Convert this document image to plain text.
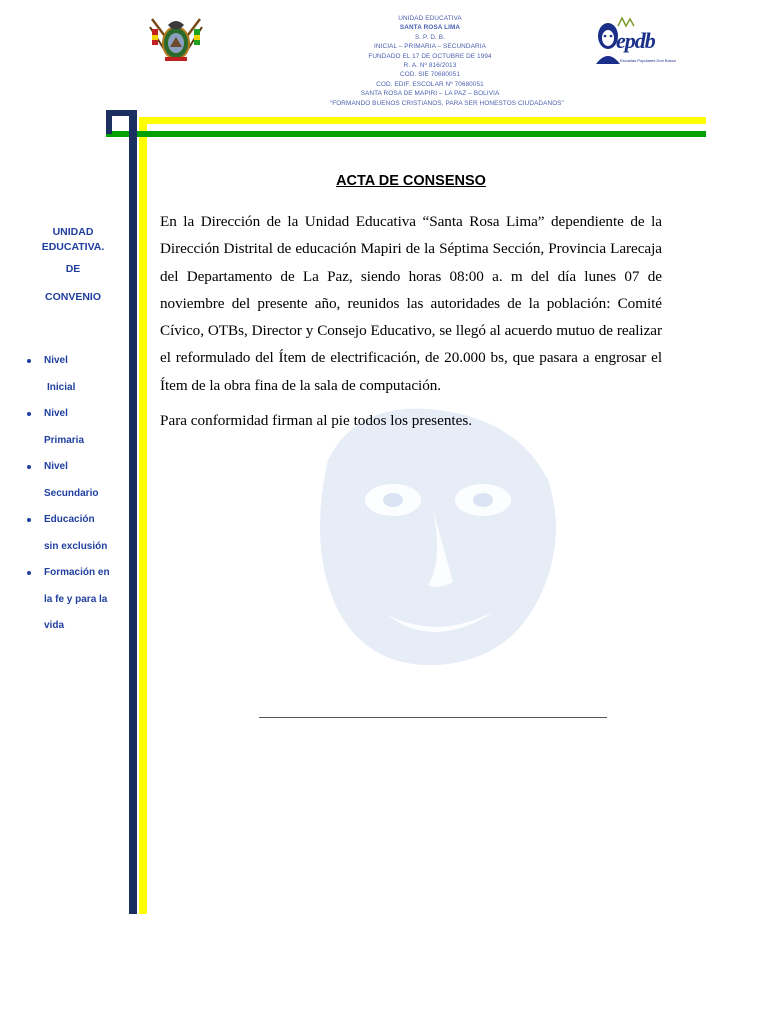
UNIDAD EDUCATIVA
SANTA ROSA LIMA
S. P. D. B.
INICIAL – PRIMARIA – SECUNDARIA
FUNDADO EL 17 DE OCTUBRE DE 1994
R. A. Nº 816/2013
COD. SIE 70680051
COD. EDIF. ESCOLAR Nº 70680051
SANTA ROSA DE MAPIRI – LA PAZ – BOLIVIA
“FORMANDO BUENOS CRISTIANOS, PARA SER HONESTOS CIUDADANOS”
epdb
Escuelas Populares Don Bosco
UNIDAD
EDUCATIVA.
DE
CONVENIO
Nivel
Inicial
Nivel
Primaria
Nivel
Secundario
Educación
sin exclusión
Formación en
la fe y para la
vida
ACTA DE CONSENSO
En la Dirección de la Unidad Educativa “Santa Rosa Lima” dependiente de la Dirección Distrital de educación Mapiri de la Séptima Sección, Provincia Larecaja del Departamento de La Paz, siendo horas 08:00 a. m del día lunes 07 de noviembre del presente año, reunidos las autoridades de la población: Comité Cívico, OTBs, Director y Consejo Educativo, se llegó al acuerdo mutuo de realizar el reformulado del Ítem de electrificación, de 20.000 bs, que pasara a engrosar el Ítem de la obra fina de la sala de computación.
Para conformidad firman al pie todos los presentes.
